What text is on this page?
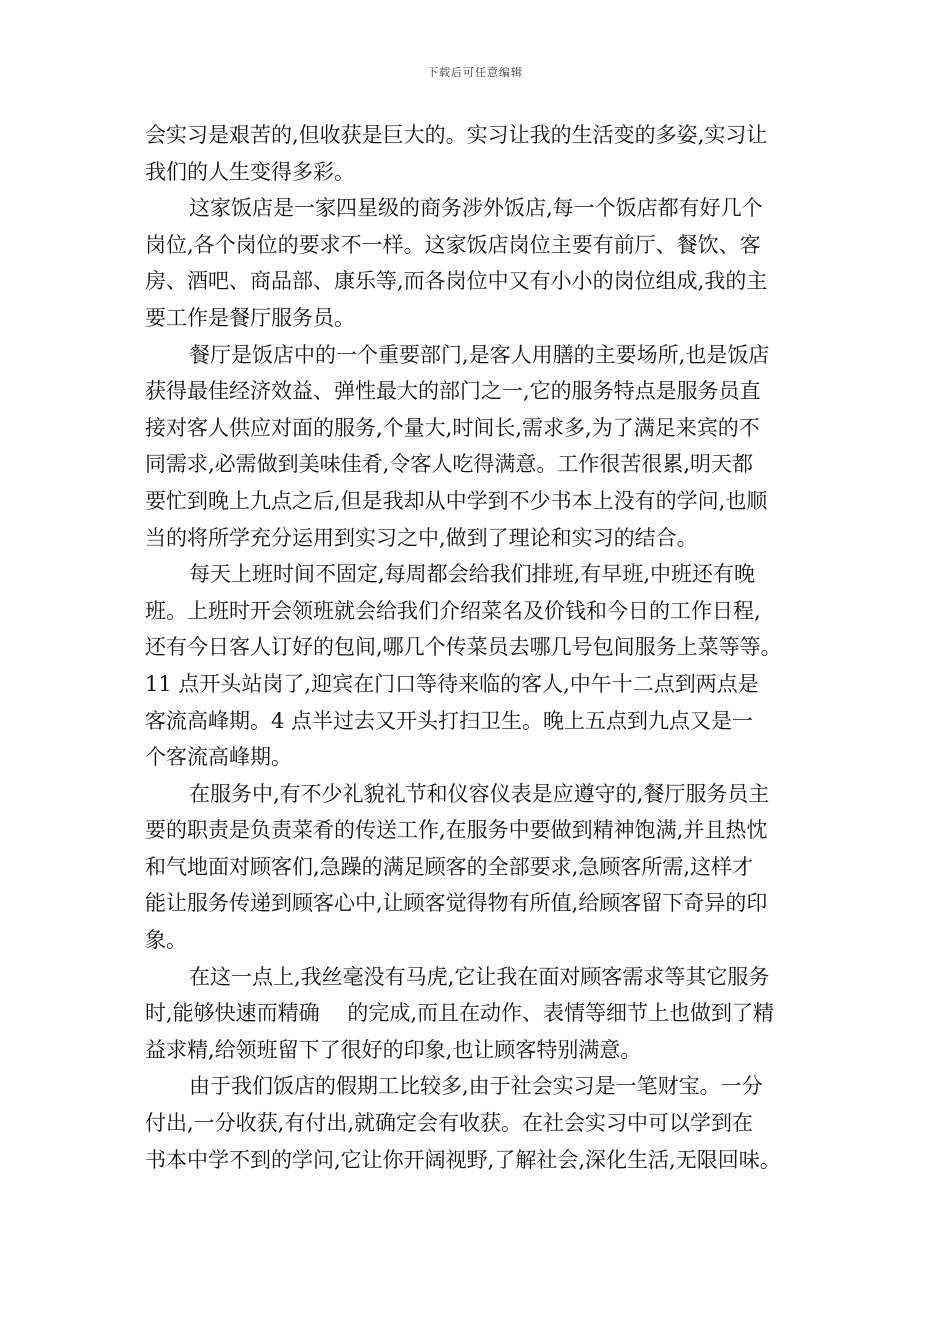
下载后可任意编辑
会实习是艰苦的,但收获是巨大的。实习让我的生活变的多姿,实习让
我们的人生变得多彩。
这家饭店是一家四星级的商务涉外饭店,每一个饭店都有好几个
岗位,各个岗位的要求不一样。这家饭店岗位主要有前厅、餐饮、客
房、酒吧、商品部、康乐等,而各岗位中又有小小的岗位组成,我的主
要工作是餐厅服务员。
餐厅是饭店中的一个重要部门,是客人用膳的主要场所,也是饭店
获得最佳经济效益、弹性最大的部门之一,它的服务特点是服务员直
接对客人供应对面的服务,个量大,时间长,需求多,为了满足来宾的不
同需求,必需做到美味佳肴,令客人吃得满意。工作很苦很累,明天都
要忙到晚上九点之后,但是我却从中学到不少书本上没有的学问,也顺
当的将所学充分运用到实习之中,做到了理论和实习的结合。
每天上班时间不固定,每周都会给我们排班,有早班,中班还有晚
班。上班时开会领班就会给我们介绍菜名及价钱和今日的工作日程,
还有今日客人订好的包间,哪几个传菜员去哪几号包间服务上菜等等。
11 点开头站岗了,迎宾在门口等待来临的客人,中午十二点到两点是
客流高峰期。4 点半过去又开头打扫卫生。晚上五点到九点又是一
个客流高峰期。
在服务中,有不少礼貌礼节和仪容仪表是应遵守的,餐厅服务员主
要的职责是负责菜肴的传送工作,在服务中要做到精神饱满,并且热忱
和气地面对顾客们,急躁的满足顾客的全部要求,急顾客所需,这样才
能让服务传递到顾客心中,让顾客觉得物有所值,给顾客留下奇异的印
象。
在这一点上,我丝毫没有马虎,它让我在面对顾客需求等其它服务
时,能够快速而精确　 的完成,而且在动作、表情等细节上也做到了精
益求精,给领班留下了很好的印象,也让顾客特别满意。
由于我们饭店的假期工比较多,由于社会实习是一笔财宝。一分
付出,一分收获,有付出,就确定会有收获。在社会实习中可以学到在
书本中学不到的学问,它让你开阔视野,了解社会,深化生活,无限回味。
